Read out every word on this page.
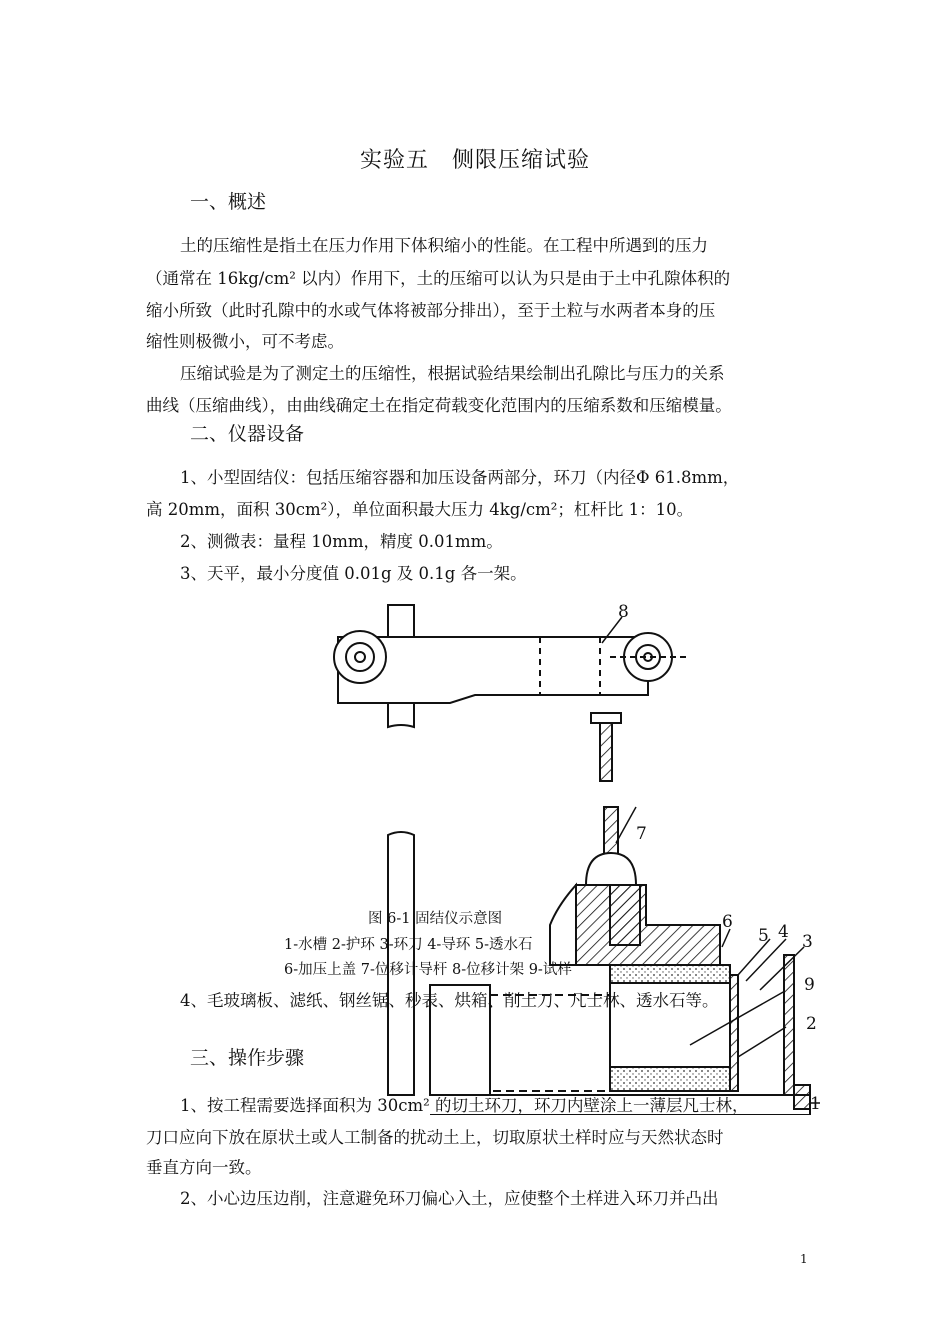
实验五　侧限压缩试验
一、概述
土的压缩性是指土在压力作用下体积缩小的性能。在工程中所遇到的压力
（通常在 16kg/cm² 以内）作用下，土的压缩可以认为只是由于土中孔隙体积的
缩小所致（此时孔隙中的水或气体将被部分排出），至于土粒与水两者本身的压
缩性则极微小，可不考虑。
压缩试验是为了测定土的压缩性，根据试验结果绘制出孔隙比与压力的关系
曲线（压缩曲线），由曲线确定土在指定荷载变化范围内的压缩系数和压缩模量。
二、仪器设备
1、小型固结仪：包括压缩容器和加压设备两部分，环刀（内径Φ 61.8mm，
高 20mm，面积 30cm²），单位面积最大压力 4kg/cm²；杠杆比 1：10。
2、测微表：量程 10mm，精度 0.01mm。
3、天平，最小分度值 0.01g 及 0.1g 各一架。
8
7
6
5 4 3
9
2
1
图 6-1 固结仪示意图
1-水槽 2-护环 3-环刀 4-导环 5-透水石
6-加压上盖 7-位移计导杆 8-位移计架 9-试样
4、毛玻璃板、滤纸、钢丝锯、秒表、烘箱、削土刀、凡士林、透水石等。
三、操作步骤
1、按工程需要选择面积为 30cm² 的切土环刀，环刀内壁涂上一薄层凡士林，
刀口应向下放在原状土或人工制备的扰动土上，切取原状土样时应与天然状态时
垂直方向一致。
2、小心边压边削，注意避免环刀偏心入土，应使整个土样进入环刀并凸出
1
